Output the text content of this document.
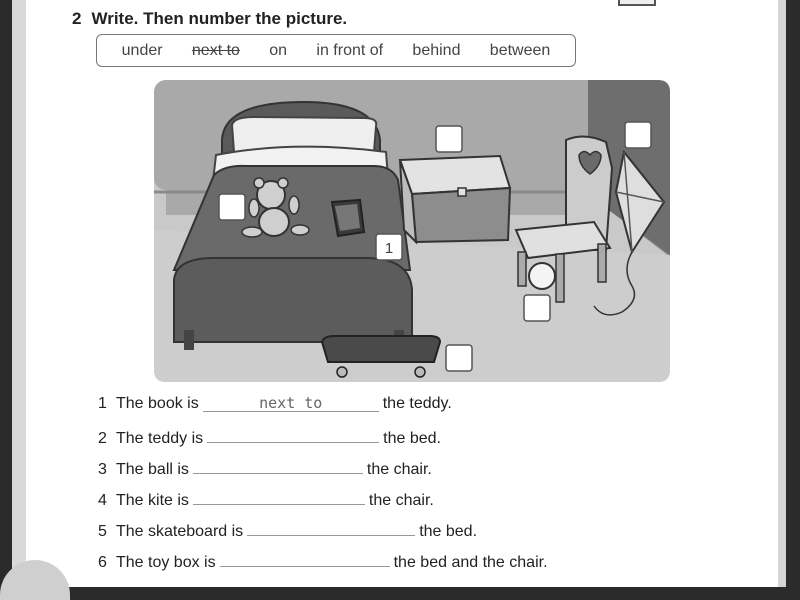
2 Write. Then number the picture.
under next to on in front of behind between
1
1 The book is	next to	the teddy.
2 The teddy is	the bed.
3 The ball is	the chair.
4 The kite is	the chair.
5 The skateboard is	the bed.
6 The toy box is	the bed and the chair.
